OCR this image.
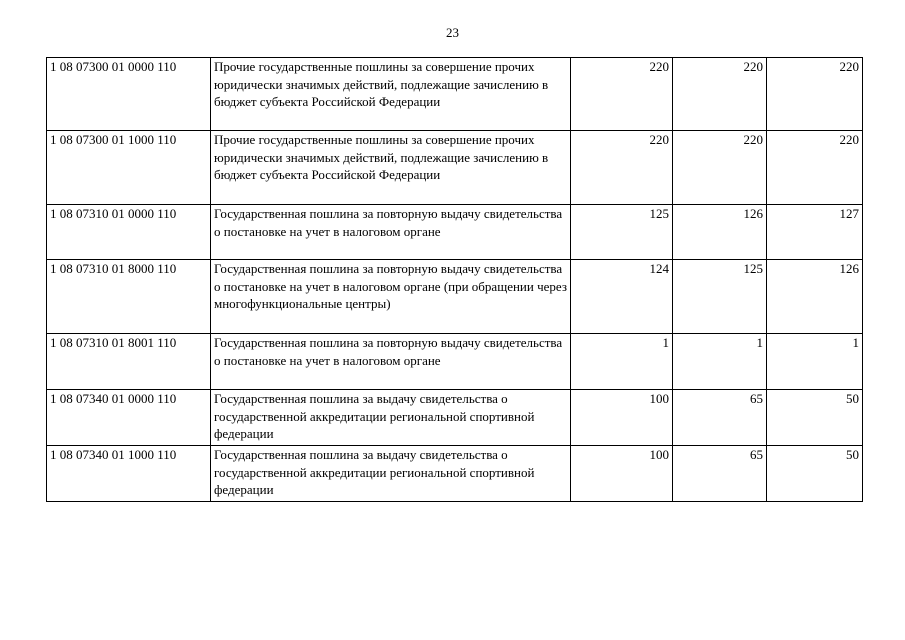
23
1 08 07300 01 0000 110	Прочие государственные пошлины за совершение прочих юридически значимых действий, подлежащие зачислению в бюджет субъекта Российской Федерации	220	220	220
1 08 07300 01 1000 110	Прочие государственные пошлины за совершение прочих юридически значимых действий, подлежащие зачислению в бюджет субъекта Российской Федерации	220	220	220
1 08 07310 01 0000 110	Государственная пошлина за повторную выдачу свидетельства о постановке на учет в налоговом органе	125	126	127
1 08 07310 01 8000 110	Государственная пошлина за повторную выдачу свидетельства о постановке на учет в налоговом органе (при обращении через многофункциональные центры)	124	125	126
1 08 07310 01 8001 110	Государственная пошлина за повторную выдачу свидетельства о постановке на учет в налоговом органе	1	1	1
1 08 07340 01 0000 110	Государственная пошлина за выдачу свидетельства о государственной аккредитации региональной спортивной федерации	100	65	50
1 08 07340 01 1000 110	Государственная пошлина за выдачу свидетельства о государственной аккредитации региональной спортивной федерации	100	65	50
